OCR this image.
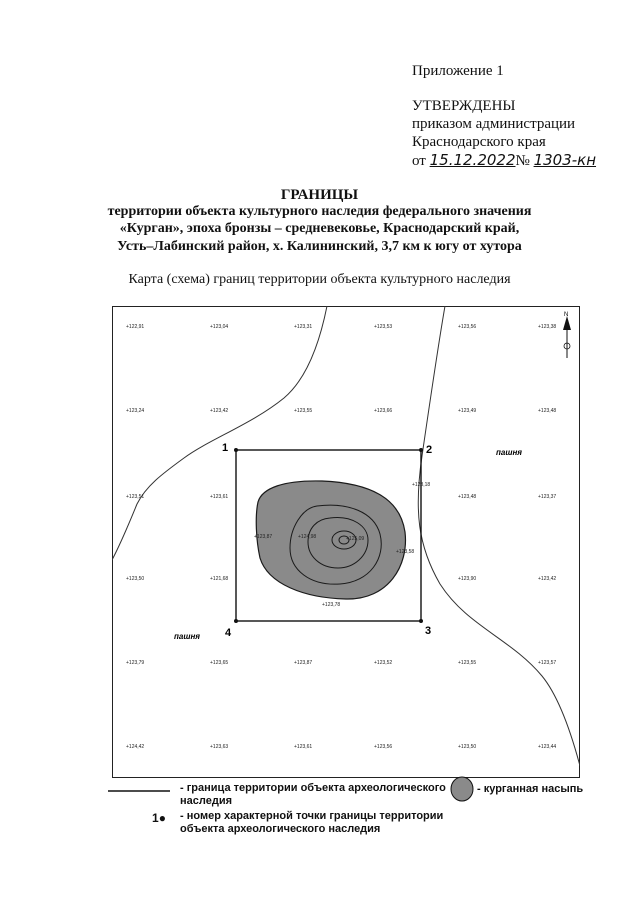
Приложение 1
УТВЕРЖДЕНЫ
приказом администрации
Краснодарского края
от 15.12.2022№ 1303-кн
ГРАНИЦЫ
территории объекта культурного наследия федерального значения
«Курган», эпоха бронзы – средневековье, Краснодарский край,
Усть–Лабинский район, х. Калининский, 3,7 км к югу от хутора
Карта (схема) границ территории объекта культурного наследия
1	2
3
4
пашня
пашня
N
+122,91	+123,04	+123,31	+123,53	+123,56	+123,38
+123,24	+123,42	+123,55	+123,66	+123,49	+123,48
+123,51	+123,61
+123,18
+123,48	+123,37
+123,87	+124,98	+125,09
+123,58
+123,50	+121,68	+123,90	+123,42
+123,78
+123,79	+123,65	+123,87	+123,52	+123,55	+123,57
+124,42	+123,63	+123,61	+123,56	+123,50	+123,44
- граница территории объекта археологического
наследия
- курганная насыпь
1● - номер характерной точки границы территории
объекта археологического наследия
